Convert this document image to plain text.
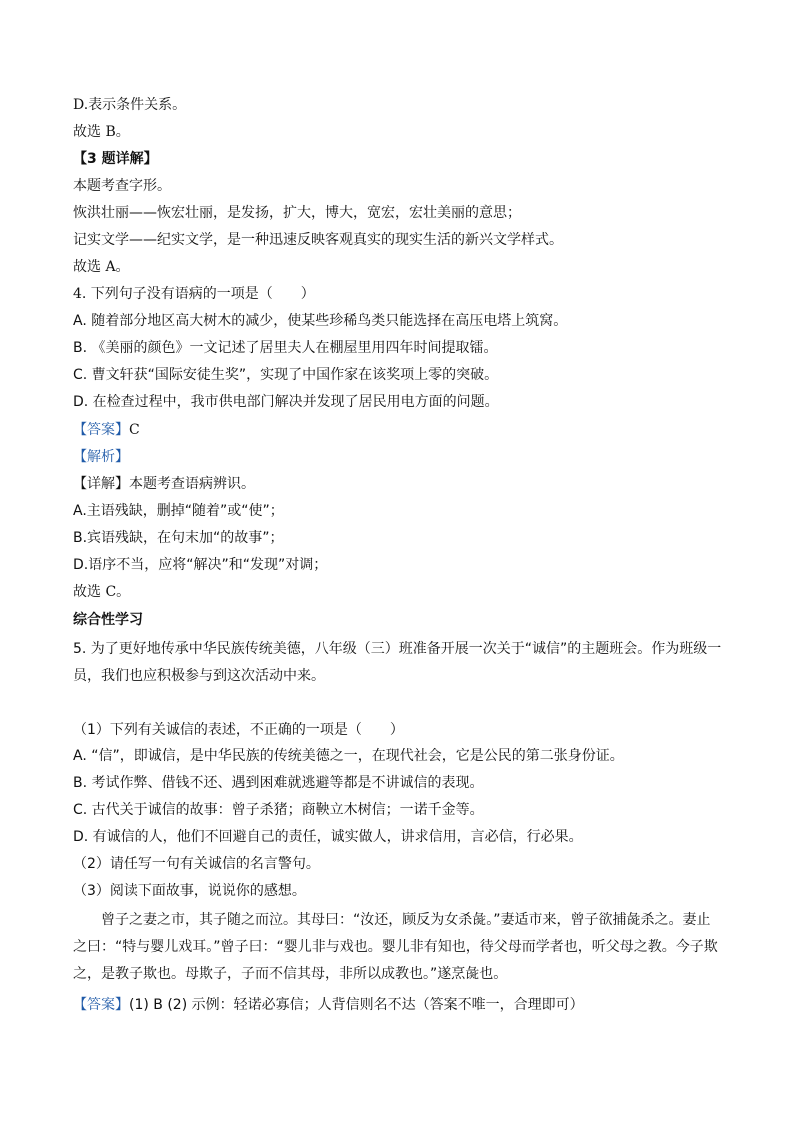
D.表示条件关系。
故选 B。
【3 题详解】
本题考查字形。
恢洪壮丽——恢宏壮丽，是发扬，扩大，博大，宽宏，宏壮美丽的意思；
记实文学——纪实文学，是一种迅速反映客观真实的现实生活的新兴文学样式。
故选 A。
4. 下列句子没有语病的一项是（　　）
A. 随着部分地区高大树木的减少，使某些珍稀鸟类只能选择在高压电塔上筑窝。
B. 《美丽的颜色》一文记述了居里夫人在棚屋里用四年时间提取镭。
C. 曹文轩获“国际安徒生奖”，实现了中国作家在该奖项上零的突破。
D. 在检查过程中，我市供电部门解决并发现了居民用电方面的问题。
【答案】C
【解析】
【详解】本题考查语病辨识。
A.主语残缺，删掉“随着”或“使”；
B.宾语残缺，在句末加“的故事”；
D.语序不当，应将“解决”和“发现”对调；
故选 C。
综合性学习
5. 为了更好地传承中华民族传统美德，八年级（三）班准备开展一次关于“诚信”的主题班会。作为班级一员，我们也应积极参与到这次活动中来。
（1）下列有关诚信的表述，不正确的一项是（　　）
A. “信”，即诚信，是中华民族的传统美德之一，在现代社会，它是公民的第二张身份证。
B. 考试作弊、借钱不还、遇到困难就逃避等都是不讲诚信的表现。
C. 古代关于诚信的故事：曾子杀猪；商鞅立木树信；一诺千金等。
D. 有诚信的人，他们不回避自己的责任，诚实做人，讲求信用，言必信，行必果。
（2）请任写一句有关诚信的名言警句。
（3）阅读下面故事，说说你的感想。
曾子之妻之市，其子随之而泣。其母曰：“汝还，顾反为女杀彘。”妻适市来，曾子欲捕彘杀之。妻止之曰：“特与婴儿戏耳。”曾子曰：“婴儿非与戏也。婴儿非有知也，待父母而学者也，听父母之教。今子欺之，是教子欺也。母欺子，子而不信其母，非所以成教也。”遂烹彘也。
【答案】(1) B (2) 示例：轻诺必寡信；人背信则名不达（答案不唯一，合理即可）
